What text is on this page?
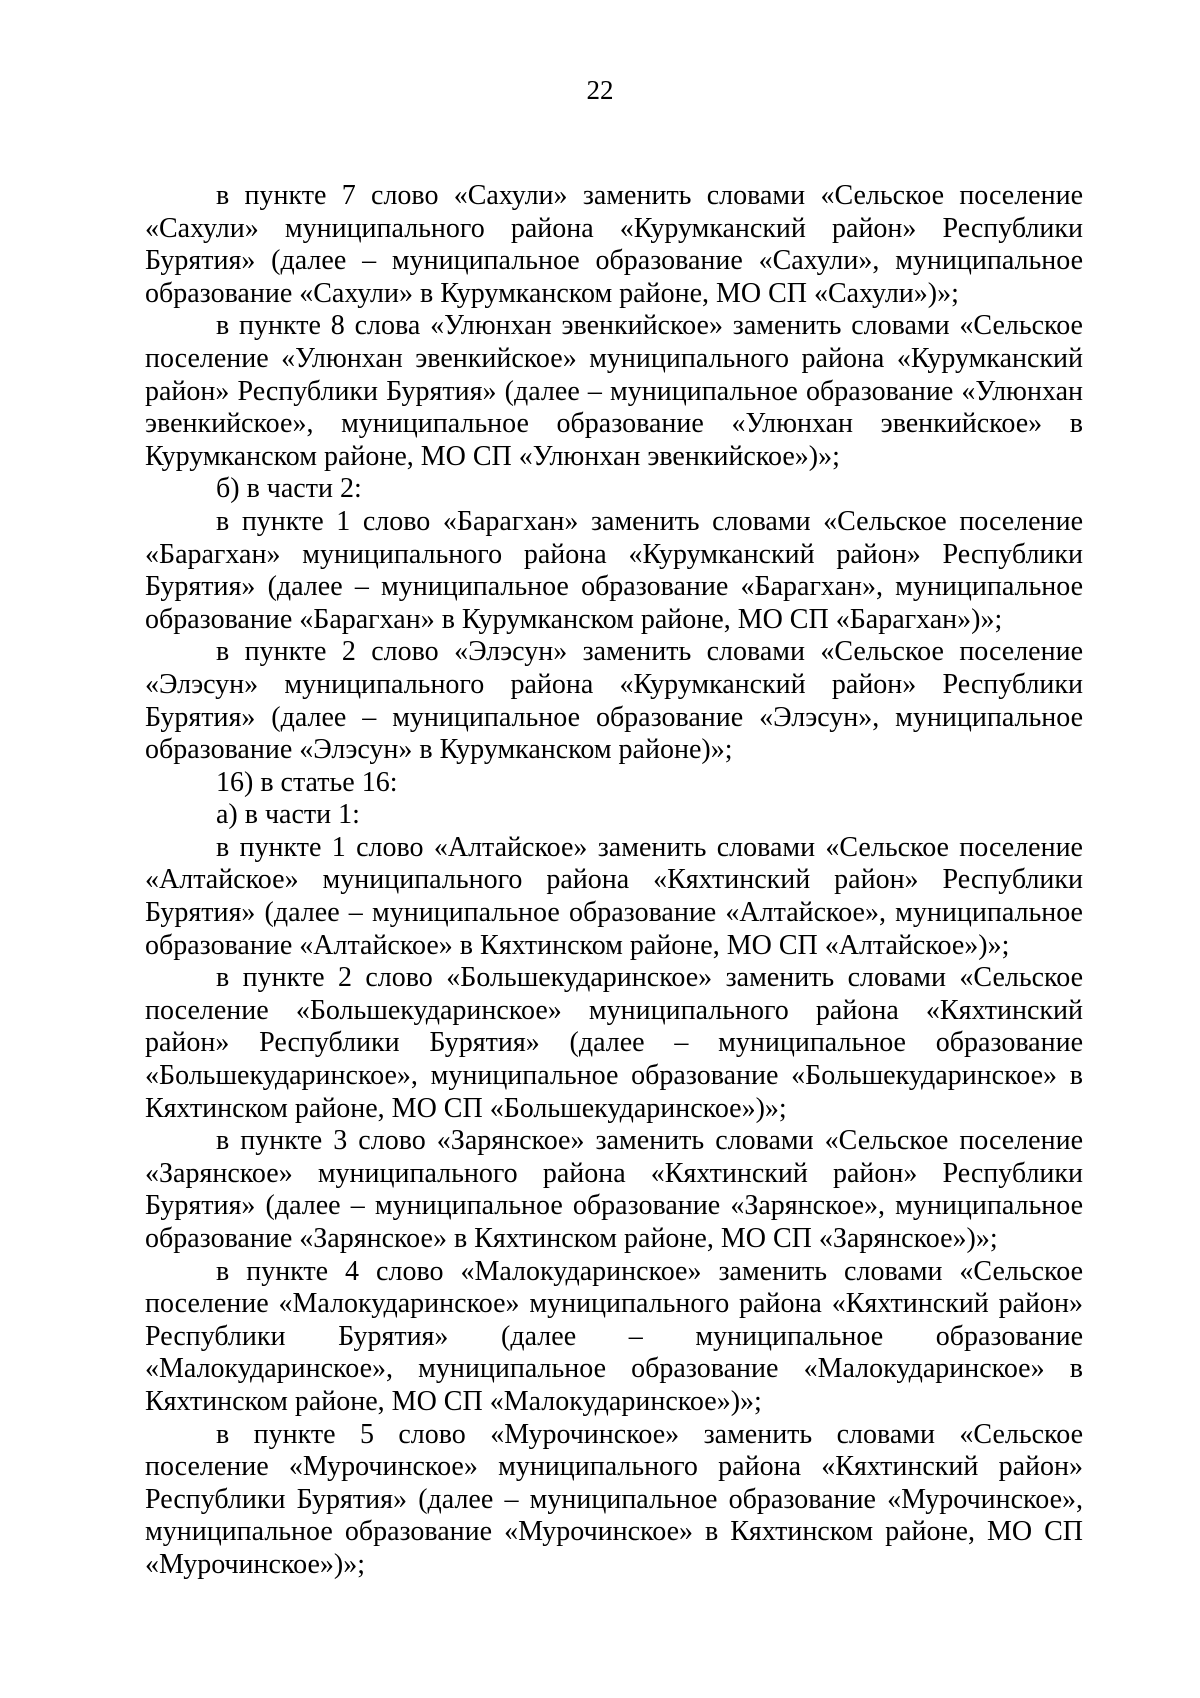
22

в пункте 7 слово «Сахули» заменить словами «Сельское поселение «Сахули» муниципального района «Курумканский район» Республики Бурятия» (далее – муниципальное образование «Сахули», муниципальное образование «Сахули» в Курумканском районе, МО СП «Сахули»)»;

в пункте 8 слова «Улюнхан эвенкийское» заменить словами «Сельское поселение «Улюнхан эвенкийское» муниципального района «Курумканский район» Республики Бурятия» (далее – муниципальное образование «Улюнхан эвенкийское», муниципальное образование «Улюнхан эвенкийское» в Курумканском районе, МО СП «Улюнхан эвенкийское»)»;

б) в части 2:

в пункте 1 слово «Барагхан» заменить словами «Сельское поселение «Барагхан» муниципального района «Курумканский район» Республики Бурятия» (далее – муниципальное образование «Барагхан», муниципальное образование «Барагхан» в Курумканском районе, МО СП «Барагхан»)»;

в пункте 2 слово «Элэсун» заменить словами «Сельское поселение «Элэсун» муниципального района «Курумканский район» Республики Бурятия» (далее – муниципальное образование «Элэсун», муниципальное образование «Элэсун» в Курумканском районе)»;

16) в статье 16:

а) в части 1:

в пункте 1 слово «Алтайское» заменить словами «Сельское поселение «Алтайское» муниципального района «Кяхтинский район» Республики Бурятия» (далее – муниципальное образование «Алтайское», муниципальное образование «Алтайское» в Кяхтинском районе, МО СП «Алтайское»)»;

в пункте 2 слово «Большекударинское» заменить словами «Сельское поселение «Большекударинское» муниципального района «Кяхтинский район» Республики Бурятия» (далее – муниципальное образование «Большекударинское», муниципальное образование «Большекударинское» в Кяхтинском районе, МО СП «Большекударинское»)»;

в пункте 3 слово «Зарянское» заменить словами «Сельское поселение «Зарянское» муниципального района «Кяхтинский район» Республики Бурятия» (далее – муниципальное образование «Зарянское», муниципальное образование «Зарянское» в Кяхтинском районе, МО СП «Зарянское»)»;

в пункте 4 слово «Малокударинское» заменить словами «Сельское поселение «Малокударинское» муниципального района «Кяхтинский район» Республики Бурятия» (далее – муниципальное образование «Малокударинское», муниципальное образование «Малокударинское» в Кяхтинском районе, МО СП «Малокударинское»)»;

в пункте 5 слово «Мурочинское» заменить словами «Сельское поселение «Мурочинское» муниципального района «Кяхтинский район» Республики Бурятия» (далее – муниципальное образование «Мурочинское», муниципальное образование «Мурочинское» в Кяхтинском районе, МО СП «Мурочинское»)»;
